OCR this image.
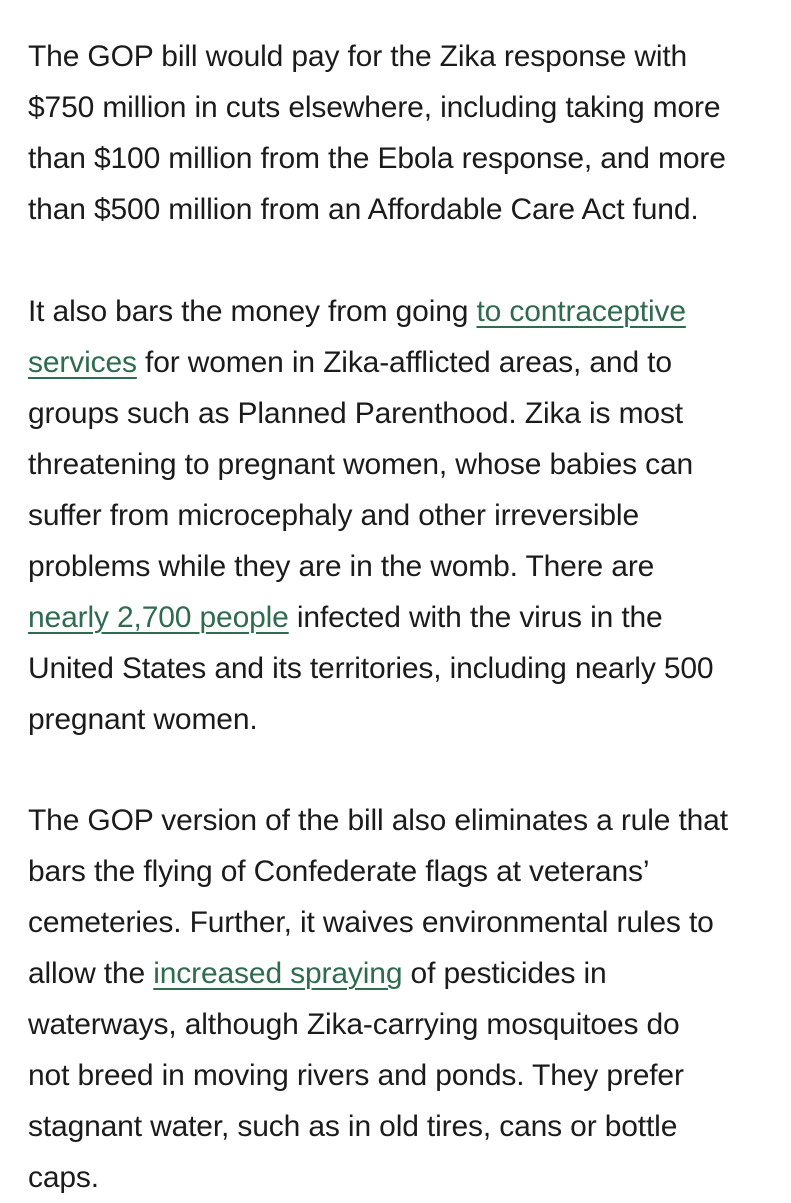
The GOP bill would pay for the Zika response with
$750 million in cuts elsewhere, including taking more
than $100 million from the Ebola response, and more
than $500 million from an Affordable Care Act fund.
It also bars the money from going to contraceptive
services for women in Zika-afflicted areas, and to
groups such as Planned Parenthood. Zika is most
threatening to pregnant women, whose babies can
suffer from microcephaly and other irreversible
problems while they are in the womb. There are
nearly 2,700 people infected with the virus in the
United States and its territories, including nearly 500
pregnant women.
The GOP version of the bill also eliminates a rule that
bars the flying of Confederate flags at veterans’
cemeteries. Further, it waives environmental rules to
allow the increased spraying of pesticides in
waterways, although Zika-carrying mosquitoes do
not breed in moving rivers and ponds. They prefer
stagnant water, such as in old tires, cans or bottle
caps.
